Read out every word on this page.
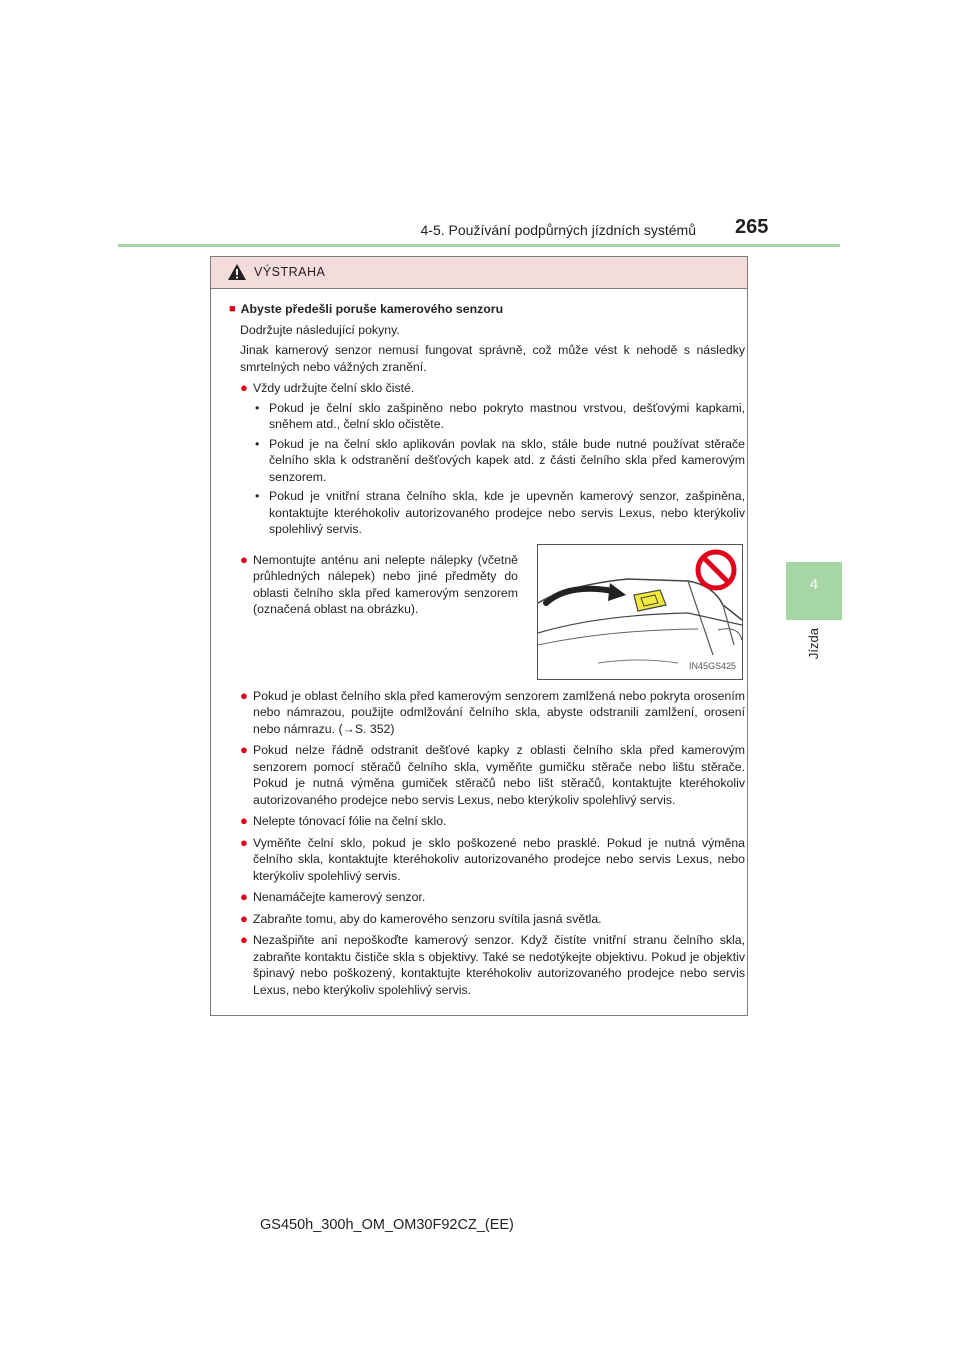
4-5. Používání podpůrných jízdních systémů 265
4
Jízda
VÝSTRAHA

■ Abyste předešli poruše kamerového senzoru

Dodržujte následující pokyny.

Jinak kamerový senzor nemusí fungovat správně, což může vést k nehodě s následky smrtelných nebo vážných zranění.

● Vždy udržujte čelní sklo čisté.

• Pokud je čelní sklo zašpiněno nebo pokryto mastnou vrstvou, dešťovými kapkami, sněhem atd., čelní sklo očistěte.

• Pokud je na čelní sklo aplikován povlak na sklo, stále bude nutné používat stěrače čelního skla k odstranění dešťových kapek atd. z části čelního skla před kamerovým senzorem.

• Pokud je vnitřní strana čelního skla, kde je upevněn kamerový senzor, zašpiněna, kontaktujte kteréhokoliv autorizovaného prodejce nebo servis Lexus, nebo kterýkoliv spolehlivý servis.

● Nemontujte anténu ani nelepte nálepky (včetně průhledných nálepek) nebo jiné předměty do oblasti čelního skla před kamerovým senzorem (označená oblast na obrázku).

IN45GS425

● Pokud je oblast čelního skla před kamerovým senzorem zamlžená nebo pokryta orosením nebo námrazou, použijte odmlžování čelního skla, abyste odstranili zamlžení, orosení nebo námrazu. (→S. 352)

● Pokud nelze řádně odstranit dešťové kapky z oblasti čelního skla před kamerovým senzorem pomocí stěračů čelního skla, vyměňte gumičku stěrače nebo lištu stěrače. Pokud je nutná výměna gumiček stěračů nebo lišt stěračů, kontaktujte kteréhokoliv autorizovaného prodejce nebo servis Lexus, nebo kterýkoliv spolehlivý servis.

● Nelepte tónovací fólie na čelní sklo.

● Vyměňte čelní sklo, pokud je sklo poškozené nebo prasklé. Pokud je nutná výměna čelního skla, kontaktujte kteréhokoliv autorizovaného prodejce nebo servis Lexus, nebo kterýkoliv spolehlivý servis.

● Nenamáčejte kamerový senzor.

● Zabraňte tomu, aby do kamerového senzoru svítila jasná světla.

● Nezašpiňte ani nepoškoďte kamerový senzor. Když čistíte vnitřní stranu čelního skla, zabraňte kontaktu čističe skla s objektivy. Také se nedotýkejte objektivu. Pokud je objektiv špinavý nebo poškozený, kontaktujte kteréhokoliv autorizovaného prodejce nebo servis Lexus, nebo kterýkoliv spolehlivý servis.

GS450h_300h_OM_OM30F92CZ_(EE)
